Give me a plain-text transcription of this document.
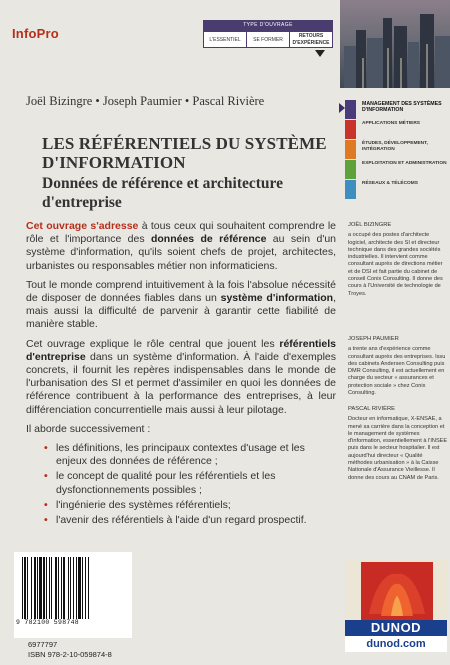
InfoPro
TYPE D'OUVRAGE
L'ESSENTIEL	SE FORMER
RETOURS D'EXPÉRIENCE
Joël Bizingre • Joseph Paumier • Pascal Rivière
LES RÉFÉRENTIELS DU SYSTÈME D'INFORMATION
Données de référence et architecture d'entreprise
MANAGEMENT DES SYSTÈMES D'INFORMATION
APPLICATIONS MÉTIERS
ÉTUDES, DÉVELOPPEMENT, INTÉGRATION
EXPLOITATION ET ADMINISTRATION
RÉSEAUX & TÉLÉCOMS

Cet ouvrage s'adresse à tous ceux qui souhaitent comprendre le rôle et l'importance des données de référence au sein d'un système d'information, qu'ils soient chefs de projet, architectes, urbanistes ou responsables métier non informaticiens.

Tout le monde comprend intuitivement à la fois l'absolue nécessité de disposer de données fiables dans un système d'information, mais aussi la difficulté de parvenir à garantir cette fiabilité de manière stable.

Cet ouvrage explique le rôle central que jouent les référentiels d'entreprise dans un système d'information. À l'aide d'exemples concrets, il fournit les repères indispensables dans le monde de l'urbanisation des SI et permet d'assimiler en quoi les données de référence contribuent à la performance des entreprises, à leur différenciation concurrentielle mais aussi à leur pilotage.

Il aborde successivement :

• les définitions, les principaux contextes d'usage et les enjeux des données de référence ;
• le concept de qualité pour les référentiels et les dysfonctionnements possibles ;
• l'ingénierie des systèmes référentiels;
• l'avenir des référentiels à l'aide d'un regard prospectif.
JOËL BIZINGRE
a occupé des postes d'architecte logiciel, architecte des SI et directeur technique dans des grandes sociétés industrielles. Il intervient comme consultant auprès de directions métier et de DSI et fait partie du cabinet de conseil Conix Consulting. Il donne des cours à l'Université de technologie de Troyes.
JOSEPH PAUMIER
a trente ans d'expérience comme consultant auprès des entreprises. Issu des cabinets Andersen Consulting puis DMR Consulting, il est actuellement en charge du secteur « assurances et protection sociale » chez Conix Consulting.
PASCAL RIVIÈRE
Docteur en informatique, X-ENSAE, a mené sa carrière dans la conception et le management de systèmes d'information, essentiellement à l'INSEE puis dans le secteur hospitalier. Il est aujourd'hui directeur « Qualité méthodes urbanisation » à la Caisse Nationale d'Assurance Vieillesse. Il donne des cours au CNAM de Paris.
9 782100 598748
6977797
ISBN 978-2-10-059874-8
DUNOD
dunod.com
